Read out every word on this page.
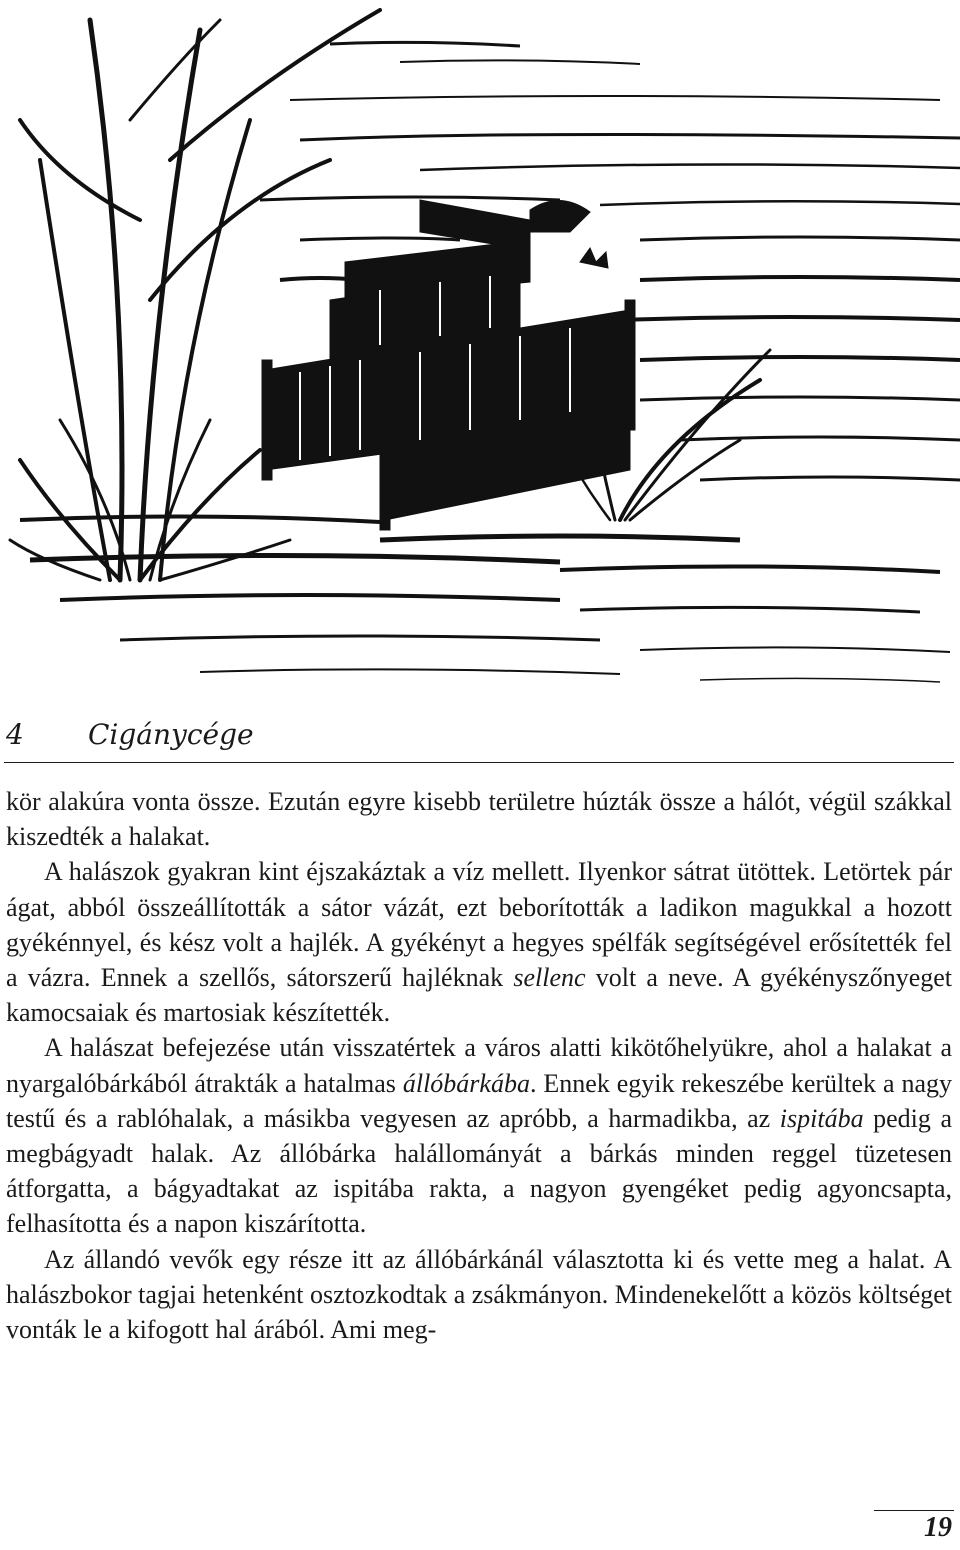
4 Cigánycége

kör alakúra vonta össze. Ezután egyre kisebb területre húzták össze a hálót, végül szákkal kiszedték a halakat.

A halászok gyakran kint éjszakáztak a víz mellett. Ilyenkor sátrat ütöttek. Letörtek pár ágat, abból összeállították a sátor vázát, ezt beborították a ladikon magukkal a hozott gyékénnyel, és kész volt a hajlék. A gyékényt a hegyes spélfák segítségével erősítették fel a vázra. Ennek a szellős, sátorszerű hajléknak sellenc volt a neve. A gyékényszőnyeget kamocsaiak és martosiak készítették.

A halászat befejezése után visszatértek a város alatti kikötőhelyükre, ahol a halakat a nyargalóbárkából átrakták a hatalmas állóbárkába. Ennek egyik rekeszébe kerültek a nagy testű és a rablóhalak, a másikba vegyesen az apróbb, a harmadikba, az ispitába pedig a megbágyadt halak. Az állóbárka halállományát a bárkás minden reggel tüzetesen átforgatta, a bágyadtakat az ispitába rakta, a nagyon gyengéket pedig agyoncsapta, felhasította és a napon kiszárította.

Az állandó vevők egy része itt az állóbárkánál választotta ki és vette meg a halat. A halászbokor tagjai hetenként osztozkodtak a zsákmányon. Mindenekelőtt a közös költséget vonták le a kifogott hal árából. Ami meg-

19
